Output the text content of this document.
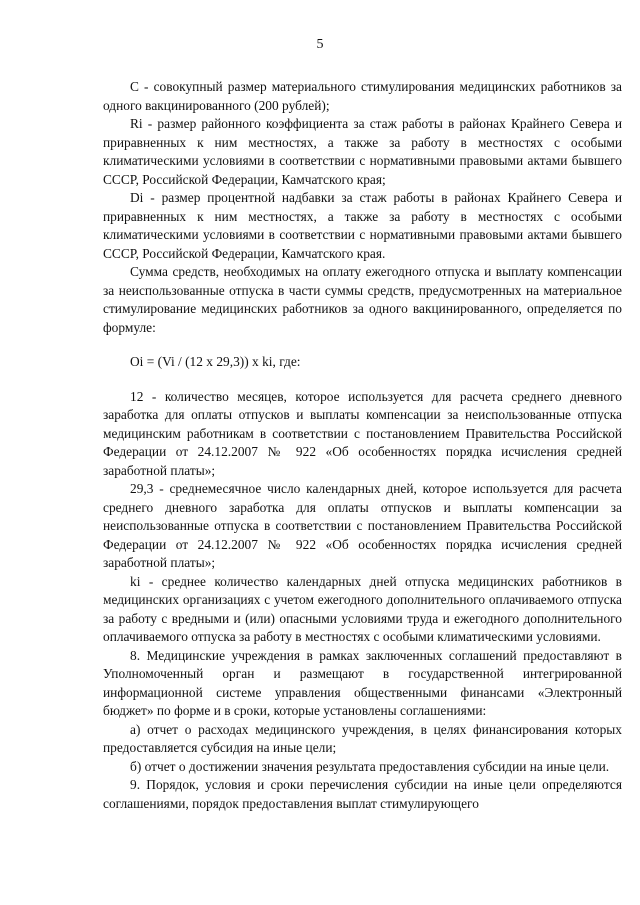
5

С - совокупный размер материального стимулирования медицинских работников за одного вакцинированного (200 рублей);

Ri - размер районного коэффициента за стаж работы в районах Крайнего Севера и приравненных к ним местностях, а также за работу в местностях с особыми климатическими условиями в соответствии с нормативными правовыми актами бывшего СССР, Российской Федерации, Камчатского края;

Di - размер процентной надбавки за стаж работы в районах Крайнего Севера и приравненных к ним местностях, а также за работу в местностях с особыми климатическими условиями в соответствии с нормативными правовыми актами бывшего СССР, Российской Федерации, Камчатского края.

Сумма средств, необходимых на оплату ежегодного отпуска и выплату компенсации за неиспользованные отпуска в части суммы средств, предусмотренных на материальное стимулирование медицинских работников за одного вакцинированного, определяется по формуле:

Oi = (Vi / (12 х 29,3)) х ki, где:

12 - количество месяцев, которое используется для расчета среднего дневного заработка для оплаты отпусков и выплаты компенсации за неиспользованные отпуска медицинским работникам в соответствии с постановлением Правительства Российской Федерации от 24.12.2007 № 922 «Об особенностях порядка исчисления средней заработной платы»;

29,3 - среднемесячное число календарных дней, которое используется для расчета среднего дневного заработка для оплаты отпусков и выплаты компенсации за неиспользованные отпуска в соответствии с постановлением Правительства Российской Федерации от 24.12.2007 № 922 «Об особенностях порядка исчисления средней заработной платы»;

ki - среднее количество календарных дней отпуска медицинских работников в медицинских организациях с учетом ежегодного дополнительного оплачиваемого отпуска за работу с вредными и (или) опасными условиями труда и ежегодного дополнительного оплачиваемого отпуска за работу в местностях с особыми климатическими условиями.

8. Медицинские учреждения в рамках заключенных соглашений предоставляют в Уполномоченный орган и размещают в государственной интегрированной информационной системе управления общественными финансами «Электронный бюджет» по форме и в сроки, которые установлены соглашениями:

а) отчет о расходах медицинского учреждения, в целях финансирования которых предоставляется субсидия на иные цели;

б) отчет о достижении значения результата предоставления субсидии на иные цели.

9. Порядок, условия и сроки перечисления субсидии на иные цели определяются соглашениями, порядок предоставления выплат стимулирующего
